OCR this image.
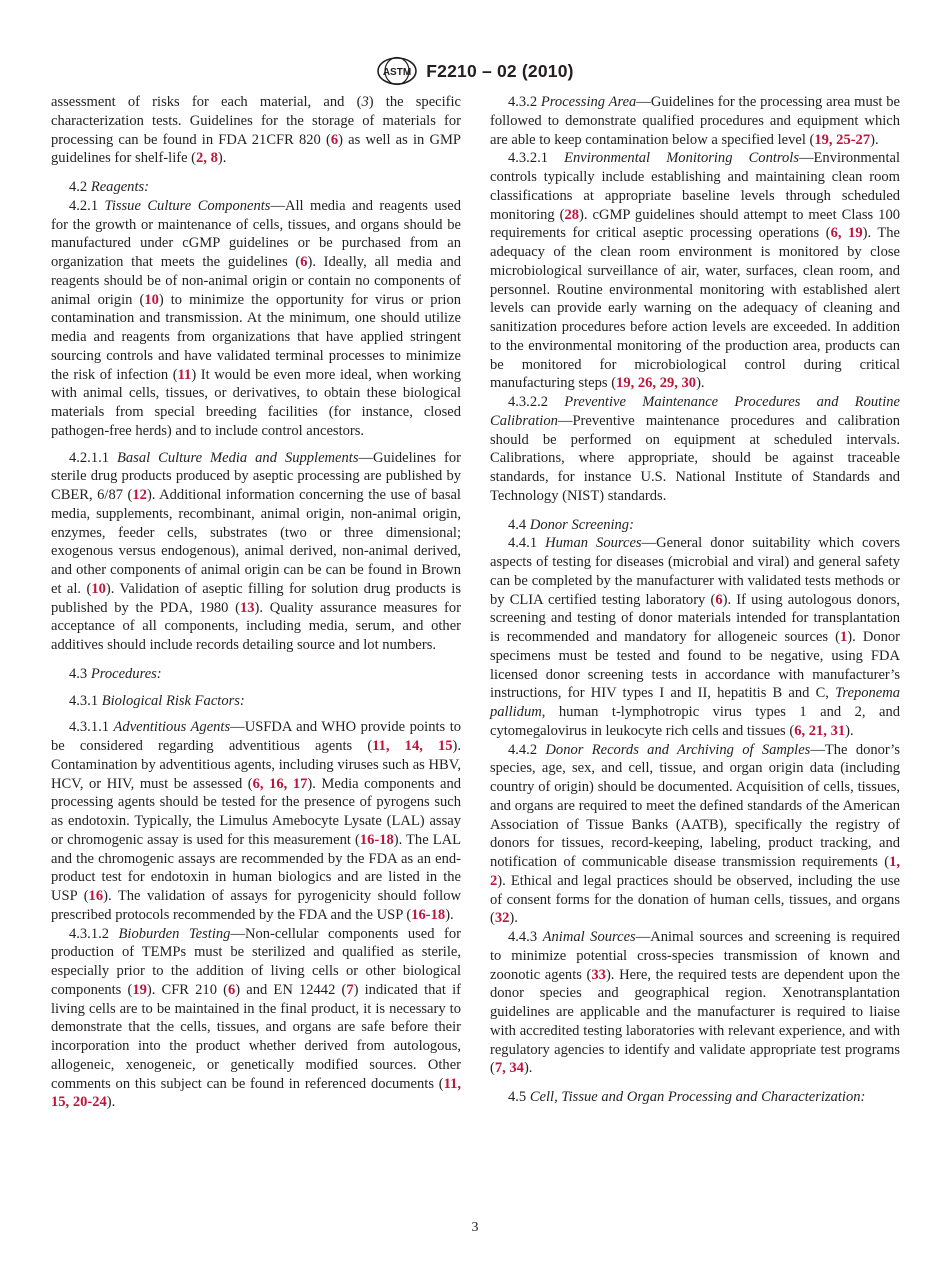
ASTM F2210 – 02 (2010)

assessment of risks for each material, and (3) the specific characterization tests. Guidelines for the storage of materials for processing can be found in FDA 21CFR 820 (6) as well as in GMP guidelines for shelf-life (2, 8).

4.2 Reagents:

4.2.1 Tissue Culture Components—All media and reagents used for the growth or maintenance of cells, tissues, and organs should be manufactured under cGMP guidelines or be purchased from an organization that meets the guidelines (6). Ideally, all media and reagents should be of non-animal origin or contain no components of animal origin (10) to minimize the opportunity for virus or prion contamination and transmission. At the minimum, one should utilize media and reagents from organizations that have applied stringent sourcing controls and have validated terminal processes to minimize the risk of infection (11) It would be even more ideal, when working with animal cells, tissues, or derivatives, to obtain these biological materials from special breeding facilities (for instance, closed pathogen-free herds) and to include control ancestors.

4.2.1.1 Basal Culture Media and Supplements—Guidelines for sterile drug products produced by aseptic processing are published by CBER, 6/87 (12). Additional information concerning the use of basal media, supplements, recombinant, animal origin, non-animal origin, enzymes, feeder cells, substrates (two or three dimensional; exogenous versus endogenous), animal derived, non-animal derived, and other components of animal origin can be can be found in Brown et al. (10). Validation of aseptic filling for solution drug products is published by the PDA, 1980 (13). Quality assurance measures for acceptance of all components, including media, serum, and other additives should include records detailing source and lot numbers.

4.3 Procedures:

4.3.1 Biological Risk Factors:

4.3.1.1 Adventitious Agents—USFDA and WHO provide points to be considered regarding adventitious agents (11, 14, 15). Contamination by adventitious agents, including viruses such as HBV, HCV, or HIV, must be assessed (6, 16, 17). Media components and processing agents should be tested for the presence of pyrogens such as endotoxin. Typically, the Limulus Amebocyte Lysate (LAL) assay or chromogenic assay is used for this measurement (16-18). The LAL and the chromogenic assays are recommended by the FDA as an end-product test for endotoxin in human biologics and are listed in the USP (16). The validation of assays for pyrogenicity should follow prescribed protocols recommended by the FDA and the USP (16-18).

4.3.1.2 Bioburden Testing—Non-cellular components used for production of TEMPs must be sterilized and qualified as sterile, especially prior to the addition of living cells or other biological components (19). CFR 210 (6) and EN 12442 (7) indicated that if living cells are to be maintained in the final product, it is necessary to demonstrate that the cells, tissues, and organs are safe before their incorporation into the product whether derived from autologous, allogeneic, xenogeneic, or genetically modified sources. Other comments on this subject can be found in referenced documents (11, 15, 20-24).

4.3.2 Processing Area—Guidelines for the processing area must be followed to demonstrate qualified procedures and equipment which are able to keep contamination below a specified level (19, 25-27).

4.3.2.1 Environmental Monitoring Controls—Environmental controls typically include establishing and maintaining clean room classifications at appropriate baseline levels through scheduled monitoring (28). cGMP guidelines should attempt to meet Class 100 requirements for critical aseptic processing operations (6, 19). The adequacy of the clean room environment is monitored by close microbiological surveillance of air, water, surfaces, clean room, and personnel. Routine environmental monitoring with established alert levels can provide early warning on the adequacy of cleaning and sanitization procedures before action levels are exceeded. In addition to the environmental monitoring of the production area, products can be monitored for microbiological control during critical manufacturing steps (19, 26, 29, 30).

4.3.2.2 Preventive Maintenance Procedures and Routine Calibration—Preventive maintenance procedures and calibration should be performed on equipment at scheduled intervals. Calibrations, where appropriate, should be against traceable standards, for instance U.S. National Institute of Standards and Technology (NIST) standards.

4.4 Donor Screening:

4.4.1 Human Sources—General donor suitability which covers aspects of testing for diseases (microbial and viral) and general safety can be completed by the manufacturer with validated tests methods or by CLIA certified testing laboratory (6). If using autologous donors, screening and testing of donor materials intended for transplantation is recommended and mandatory for allogeneic sources (1). Donor specimens must be tested and found to be negative, using FDA licensed donor screening tests in accordance with manufacturer’s instructions, for HIV types I and II, hepatitis B and C, Treponema pallidum, human t-lymphotropic virus types 1 and 2, and cytomegalovirus in leukocyte rich cells and tissues (6, 21, 31).

4.4.2 Donor Records and Archiving of Samples—The donor’s species, age, sex, and cell, tissue, and organ origin data (including country of origin) should be documented. Acquisition of cells, tissues, and organs are required to meet the defined standards of the American Association of Tissue Banks (AATB), specifically the registry of donors for tissues, record-keeping, labeling, product tracking, and notification of communicable disease transmission requirements (1, 2). Ethical and legal practices should be observed, including the use of consent forms for the donation of human cells, tissues, and organs (32).

4.4.3 Animal Sources—Animal sources and screening is required to minimize potential cross-species transmission of known and zoonotic agents (33). Here, the required tests are dependent upon the donor species and geographical region. Xenotransplantation guidelines are applicable and the manufacturer is required to liaise with accredited testing laboratories with relevant experience, and with regulatory agencies to identify and validate appropriate test programs (7, 34).

4.5 Cell, Tissue and Organ Processing and Characterization:

3
